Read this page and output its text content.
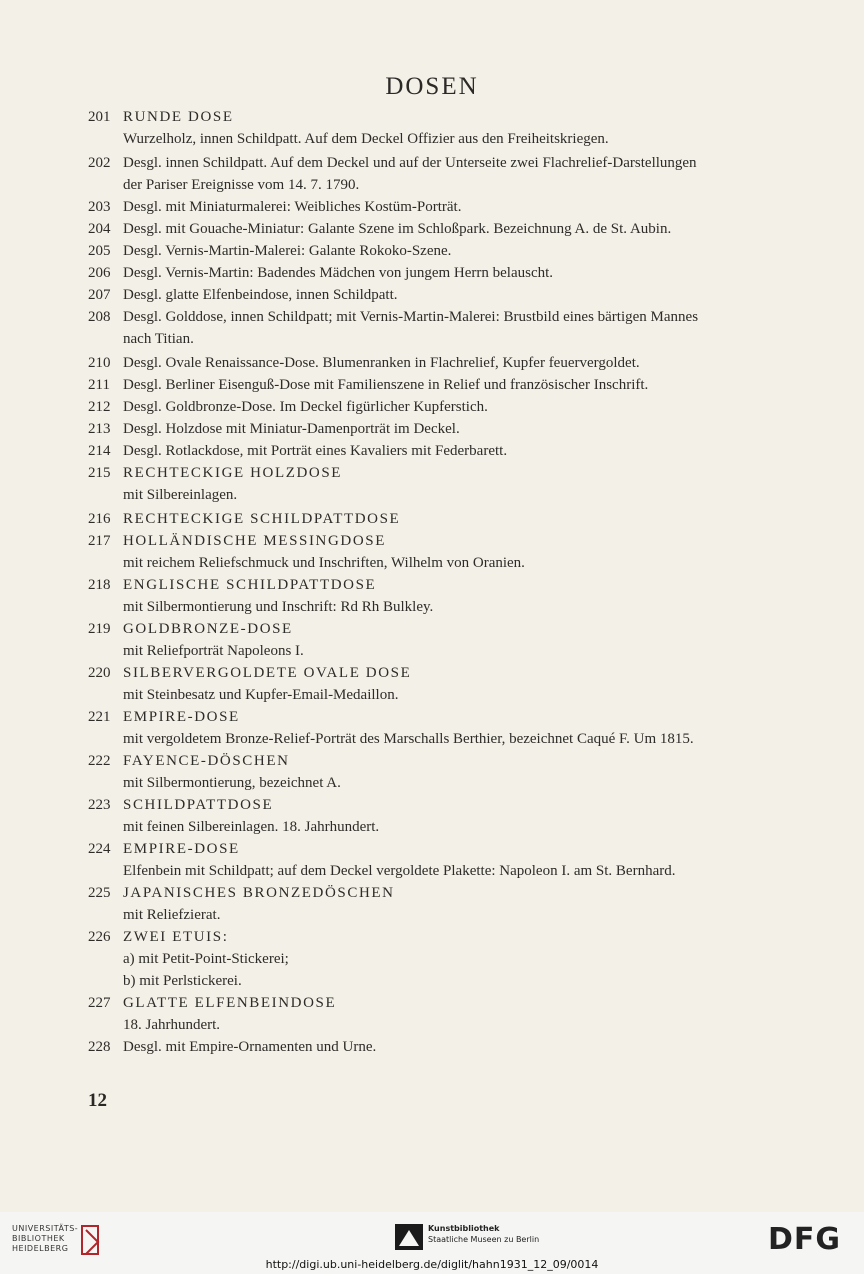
DOSEN
201 RUNDE DOSE
Wurzelholz, innen Schildpatt. Auf dem Deckel Offizier aus den Freiheitskriegen.
202 Desgl. innen Schildpatt. Auf dem Deckel und auf der Unterseite zwei Flachrelief-Darstellungen
der Pariser Ereignisse vom 14. 7. 1790.
203 Desgl. mit Miniaturmalerei: Weibliches Kostüm-Porträt.
204 Desgl. mit Gouache-Miniatur: Galante Szene im Schloßpark. Bezeichnung A. de St. Aubin.
205 Desgl. Vernis-Martin-Malerei: Galante Rokoko-Szene.
206 Desgl. Vernis-Martin: Badendes Mädchen von jungem Herrn belauscht.
207 Desgl. glatte Elfenbeindose, innen Schildpatt.
208 Desgl. Golddose, innen Schildpatt; mit Vernis-Martin-Malerei: Brustbild eines bärtigen Mannes
nach Titian.
210 Desgl. Ovale Renaissance-Dose. Blumenranken in Flachrelief, Kupfer feuervergoldet.
211 Desgl. Berliner Eisenguß-Dose mit Familienszene in Relief und französischer Inschrift.
212 Desgl. Goldbronze-Dose. Im Deckel figürlicher Kupferstich.
213 Desgl. Holzdose mit Miniatur-Damenporträt im Deckel.
214 Desgl. Rotlackdose, mit Porträt eines Kavaliers mit Federbarett.
215 RECHTECKIGE HOLZDOSE
mit Silbereinlagen.
216 RECHTECKIGE SCHILDPATTDOSE
217 HOLLÄNDISCHE MESSINGDOSE
mit reichem Reliefschmuck und Inschriften, Wilhelm von Oranien.
218 ENGLISCHE SCHILDPATTDOSE
mit Silbermontierung und Inschrift: Rd Rh Bulkley.
219 GOLDBRONZE-DOSE
mit Reliefporträt Napoleons I.
220 SILBERVERGOLDETE OVALE DOSE
mit Steinbesatz und Kupfer-Email-Medaillon.
221 EMPIRE-DOSE
mit vergoldetem Bronze-Relief-Porträt des Marschalls Berthier, bezeichnet Caqué F. Um 1815.
222 FAYENCE-DÖSCHEN
mit Silbermontierung, bezeichnet A.
223 SCHILDPATTDOSE
mit feinen Silbereinlagen. 18. Jahrhundert.
224 EMPIRE-DOSE
Elfenbein mit Schildpatt; auf dem Deckel vergoldete Plakette: Napoleon I. am St. Bernhard.
225 JAPANISCHES BRONZEDÖSCHEN
mit Reliefzierat.
226 ZWEI ETUIS:
a) mit Petit-Point-Stickerei;
b) mit Perlstickerei.
227 GLATTE ELFENBEINDOSE
18. Jahrhundert.
228 Desgl. mit Empire-Ornamenten und Urne.
12
UNIVERSITÄTS-
BIBLIOTHEK
HEIDELBERG
Kunstbibliothek
Staatliche Museen zu Berlin	DFG
http://digi.ub.uni-heidelberg.de/diglit/hahn1931_12_09/0014
